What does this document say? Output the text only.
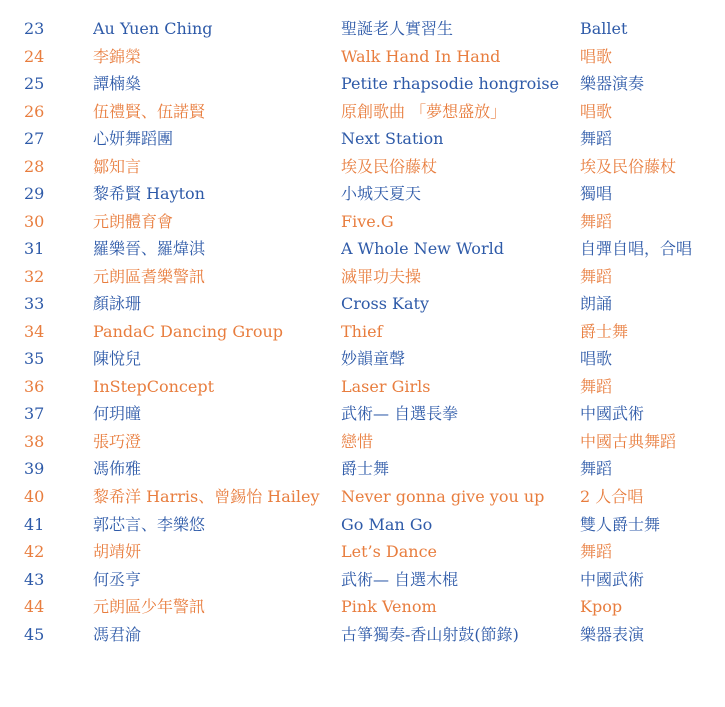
23	Au Yuen Ching	聖誕老人實習生	Ballet
24	李錦榮	Walk Hand In Hand	唱歌
25	譚楠燊	Petite rhapsodie hongroise	樂器演奏
26	伍禮賢、伍諾賢	原創歌曲 「夢想盛放」	唱歌
27	心妍舞蹈團	Next Station	舞蹈
28	鄒知言	埃及民俗藤杖	埃及民俗藤杖
29	黎希賢 Hayton	小城天夏天	獨唱
30	元朗體育會	Five.G	舞蹈
31	羅樂晉、羅煒淇	A Whole New World	自彈自唱，合唱
32	元朗區耆樂警訊	滅罪功夫操	舞蹈
33	顏詠珊	Cross Katy	朗誦
34	PandaC Dancing Group	Thief	爵士舞
35	陳悅兒	妙韻童聲	唱歌
36	InStepConcept	Laser Girls	舞蹈
37	何玥曈	武術— 自選長拳	中國武術
38	張巧澄	戀惜	中國古典舞蹈
39	馮佈雅	爵士舞	舞蹈
40	黎希洋 Harris、曾錫怡 Hailey	Never gonna give you up	2 人合唱
41	郭芯言、李樂悠	Go Man Go	雙人爵士舞
42	胡靖妍	Let’s Dance	舞蹈
43	何丞亨	武術— 自選木棍	中國武術
44	元朗區少年警訊	Pink Venom	Kpop
45	馮君渝	古箏獨奏-香山射鼓(節錄)	樂器表演
